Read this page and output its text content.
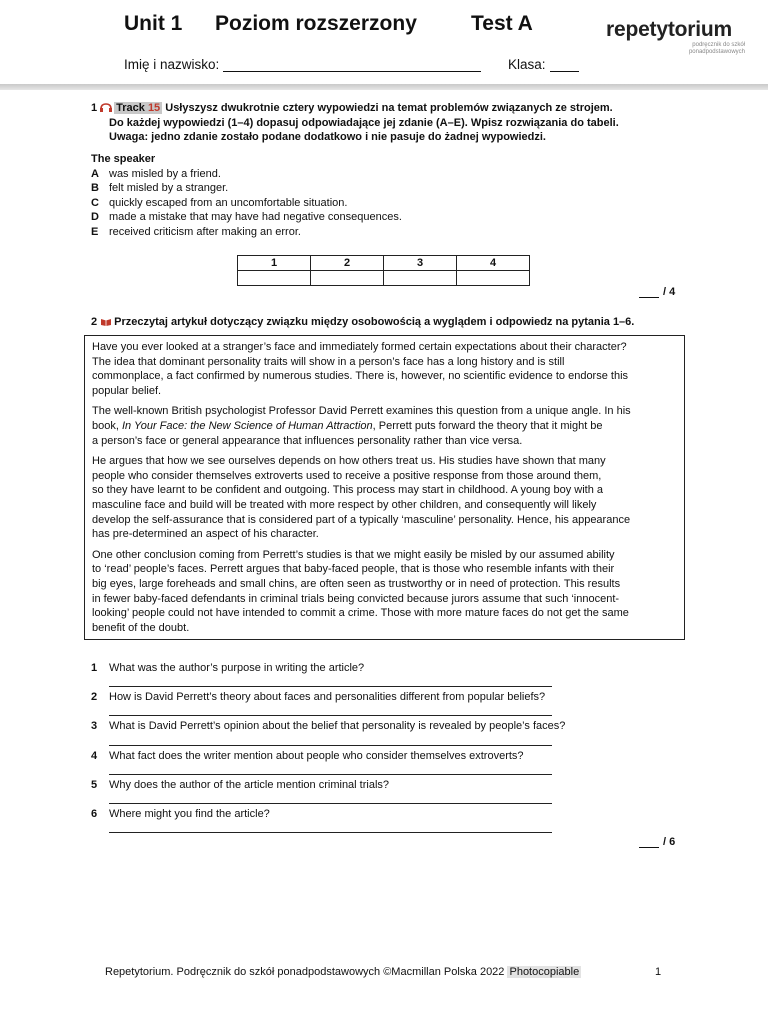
Unit 1 Poziom rozszerzony	Test A	repetytorium
podręcznik do szkół
ponadpodstawowych
Imię i nazwisko:	Klasa:
1 Track 15 Usłyszysz dwukrotnie cztery wypowiedzi na temat problemów związanych ze strojem.
Do każdej wypowiedzi (1–4) dopasuj odpowiadające jej zdanie (A–E). Wpisz rozwiązania do tabeli.
Uwaga: jedno zdanie zostało podane dodatkowo i nie pasuje do żadnej wypowiedzi.
The speaker
A was misled by a friend.
B felt misled by a stranger.
C quickly escaped from an uncomfortable situation.
D made a mistake that may have had negative consequences.
E received criticism after making an error.
1	2	3	4

/ 4
2 Przeczytaj artykuł dotyczący związku między osobowością a wyglądem i odpowiedz na pytania 1–6.

Have you ever looked at a stranger’s face and immediately formed certain expectations about their character?
The idea that dominant personality traits will show in a person’s face has a long history and is still
commonplace, a fact confirmed by numerous studies. There is, however, no scientific evidence to endorse this
popular belief.

The well-known British psychologist Professor David Perrett examines this question from a unique angle. In his
book, In Your Face: the New Science of Human Attraction, Perrett puts forward the theory that it might be
a person’s face or general appearance that influences personality rather than vice versa.

He argues that how we see ourselves depends on how others treat us. His studies have shown that many
people who consider themselves extroverts used to receive a positive response from those around them,
so they have learnt to be confident and outgoing. This process may start in childhood. A young boy with a
masculine face and build will be treated with more respect by other children, and consequently will likely
develop the self-assurance that is considered part of a typically ‘masculine’ personality. Hence, his appearance
has pre-determined an aspect of his character.

One other conclusion coming from Perrett’s studies is that we might easily be misled by our assumed ability
to ‘read’ people’s faces. Perrett argues that baby-faced people, that is those who resemble infants with their
big eyes, large foreheads and small chins, are often seen as trustworthy or in need of protection. This results
in fewer baby-faced defendants in criminal trials being convicted because jurors assume that such ‘innocent-
looking’ people could not have intended to commit a crime. Those with more mature faces do not get the same
benefit of the doubt.

1 What was the author’s purpose in writing the article?
2 How is David Perrett’s theory about faces and personalities different from popular beliefs?
3 What is David Perrett’s opinion about the belief that personality is revealed by people’s faces?
4 What fact does the writer mention about people who consider themselves extroverts?
5 Why does the author of the article mention criminal trials?
6 Where might you find the article?
/ 6
Repetytorium. Podręcznik do szkół ponadpodstawowych ©Macmillan Polska 2022 Photocopiable	1
